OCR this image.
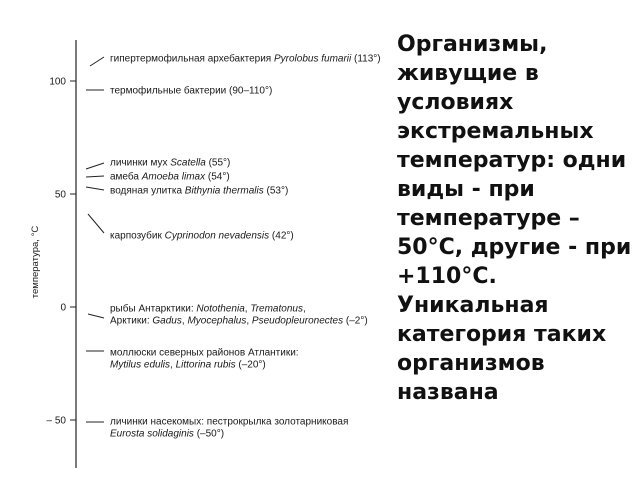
температура, °С
100
50
0
– 50
гипертермофильная архебактерия Pyrolobus fumarii (113°)
термофильные бактерии (90–110°)
личинки мух Scatella (55°)
амеба Amoeba limax (54°)
водяная улитка Bithynia thermalis (53°)
карпозубик Cyprinodon nevadensis (42°)
рыбы Антарктики: Notothenia, Trematonus,
Арктики: Gadus, Myocephalus, Pseudopleuronectes (–2°)
моллюски северных районов Атлантики:
Mytilus edulis, Littorina rubis (–20°)
личинки насекомых: пестрокрылка золотарниковая
Eurosta solidaginis (–50°)

Организмы, живущие в условиях экстремальных температур: одни виды - при температуре –50°С, другие - при +110°С. Уникальная категория таких организмов названа
